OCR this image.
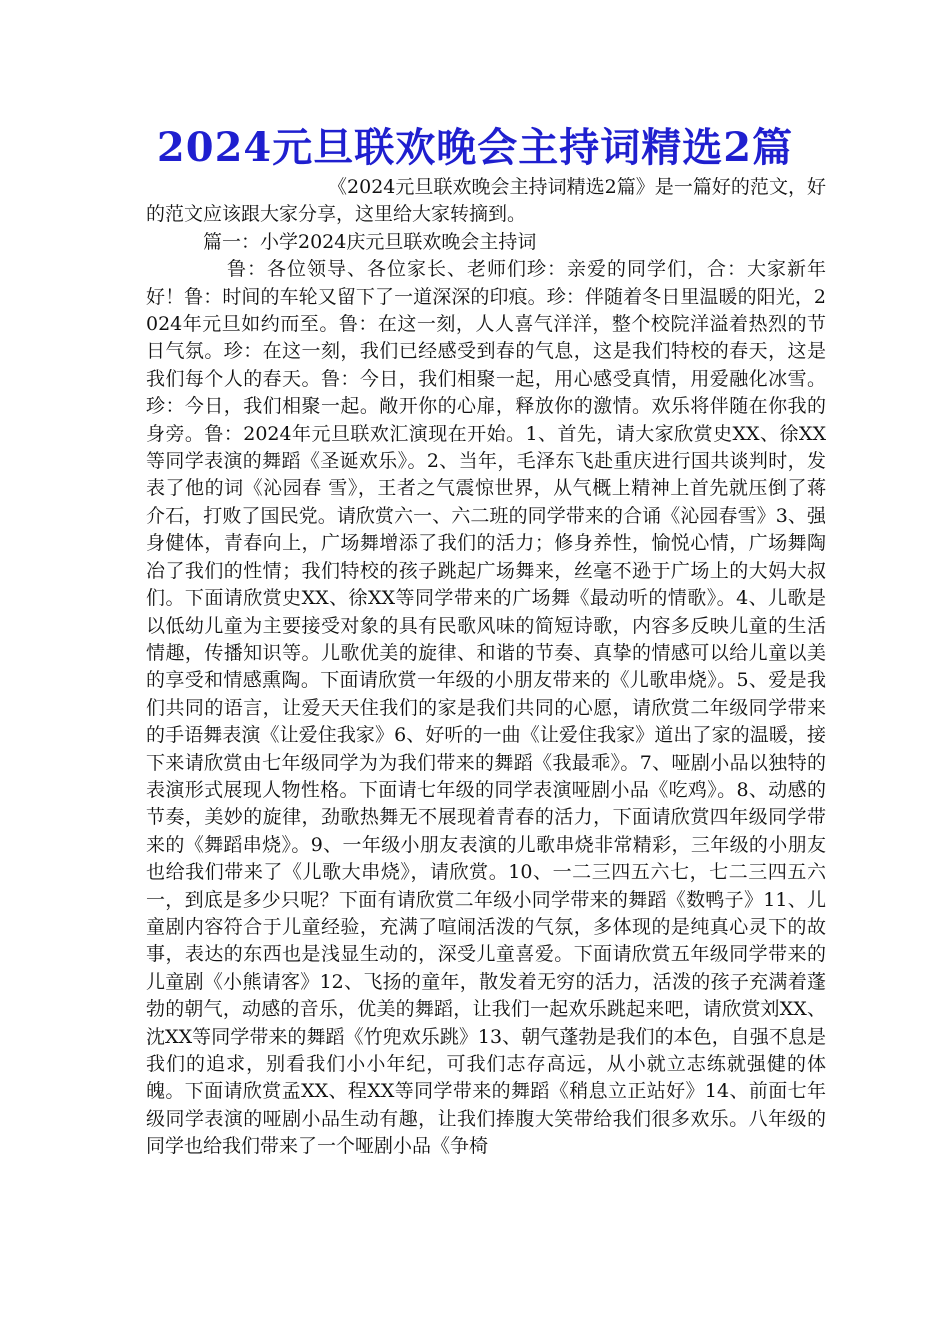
2024元旦联欢晚会主持词精选2篇

《2024元旦联欢晚会主持词精选2篇》是一篇好的范文，好的范文应该跟大家分享，这里给大家转摘到。

篇一：小学2024庆元旦联欢晚会主持词

鲁：各位领导、各位家长、老师们珍：亲爱的同学们，合：大家新年好！鲁：时间的车轮又留下了一道深深的印痕。珍：伴随着冬日里温暖的阳光，2024年元旦如约而至。鲁：在这一刻，人人喜气洋洋，整个校院洋溢着热烈的节日气氛。珍：在这一刻，我们已经感受到春的气息，这是我们特校的春天，这是我们每个人的春天。鲁：今日，我们相聚一起，用心感受真情，用爱融化冰雪。珍：今日，我们相聚一起。敞开你的心扉，释放你的激情。欢乐将伴随在你我的身旁。鲁：2024年元旦联欢汇演现在开始。1、首先，请大家欣赏史XX、徐XX等同学表演的舞蹈《圣诞欢乐》。2、当年，毛泽东飞赴重庆进行国共谈判时，发表了他的词《沁园春 雪》，王者之气震惊世界，从气概上精神上首先就压倒了蒋介石，打败了国民党。请欣赏六一、六二班的同学带来的合诵《沁园春雪》3、强身健体，青春向上，广场舞增添了我们的活力；修身养性，愉悦心情，广场舞陶冶了我们的性情；我们特校的孩子跳起广场舞来，丝毫不逊于广场上的大妈大叔们。下面请欣赏史XX、徐XX等同学带来的广场舞《最动听的情歌》。4、儿歌是以低幼儿童为主要接受对象的具有民歌风味的简短诗歌，内容多反映儿童的生活情趣，传播知识等。儿歌优美的旋律、和谐的节奏、真挚的情感可以给儿童以美的享受和情感熏陶。下面请欣赏一年级的小朋友带来的《儿歌串烧》。5、爱是我们共同的语言，让爱天天住我们的家是我们共同的心愿，请欣赏二年级同学带来的手语舞表演《让爱住我家》6、好听的一曲《让爱住我家》道出了家的温暖，接下来请欣赏由七年级同学为为我们带来的舞蹈《我最乖》。7、哑剧小品以独特的表演形式展现人物性格。下面请七年级的同学表演哑剧小品《吃鸡》。8、动感的节奏，美妙的旋律，劲歌热舞无不展现着青春的活力，下面请欣赏四年级同学带来的《舞蹈串烧》。9、一年级小朋友表演的儿歌串烧非常精彩，三年级的小朋友也给我们带来了《儿歌大串烧》，请欣赏。10、一二三四五六七，七二三四五六一，到底是多少只呢？下面有请欣赏二年级小同学带来的舞蹈《数鸭子》11、儿童剧内容符合于儿童经验，充满了喧闹活泼的气氛，多体现的是纯真心灵下的故事，表达的东西也是浅显生动的，深受儿童喜爱。下面请欣赏五年级同学带来的儿童剧《小熊请客》12、飞扬的童年，散发着无穷的活力，活泼的孩子充满着蓬勃的朝气，动感的音乐，优美的舞蹈，让我们一起欢乐跳起来吧，请欣赏刘XX、沈XX等同学带来的舞蹈《竹兜欢乐跳》13、朝气蓬勃是我们的本色，自强不息是我们的追求，别看我们小小年纪，可我们志存高远，从小就立志练就强健的体魄。下面请欣赏孟XX、程XX等同学带来的舞蹈《稍息立正站好》14、前面七年级同学表演的哑剧小品生动有趣，让我们捧腹大笑带给我们很多欢乐。八年级的同学也给我们带来了一个哑剧小品《争椅
